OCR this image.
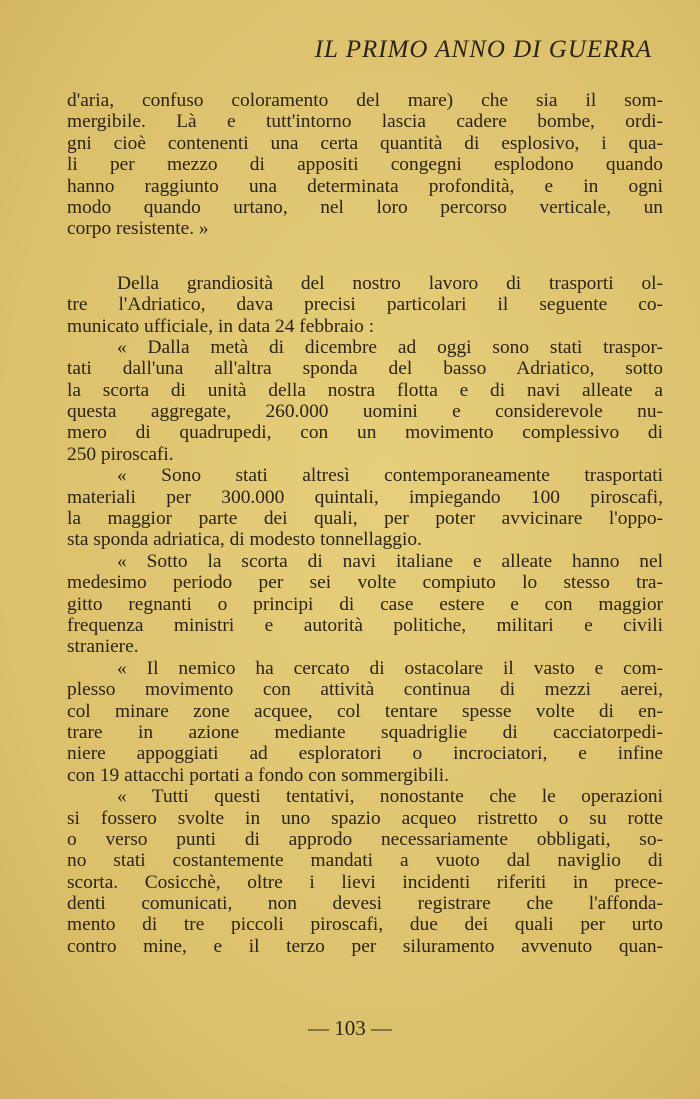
IL PRIMO ANNO DI GUERRA
d'aria, confuso coloramento del mare) che sia il som-
mergibile. Là e tutt'intorno lascia cadere bombe, ordi-
gni cioè contenenti una certa quantità di esplosivo, i qua-
li per mezzo di appositi congegni esplodono quando
hanno raggiunto una determinata profondità, e in ogni
modo quando urtano, nel loro percorso verticale, un
corpo resistente. »
Della grandiosità del nostro lavoro di trasporti ol-
tre l'Adriatico, dava precisi particolari il seguente co-
municato ufficiale, in data 24 febbraio :
« Dalla metà di dicembre ad oggi sono stati traspor-
tati dall'una all'altra sponda del basso Adriatico, sotto
la scorta di unità della nostra flotta e di navi alleate a
questa aggregate, 260.000 uomini e considerevole nu-
mero di quadrupedi, con un movimento complessivo di
250 piroscafi.
« Sono stati altresì contemporaneamente trasportati
materiali per 300.000 quintali, impiegando 100 piroscafi,
la maggior parte dei quali, per poter avvicinare l'oppo-
sta sponda adriatica, di modesto tonnellaggio.
« Sotto la scorta di navi italiane e alleate hanno nel
medesimo periodo per sei volte compiuto lo stesso tra-
gitto regnanti o principi di case estere e con maggior
frequenza ministri e autorità politiche, militari e civili
straniere.
« Il nemico ha cercato di ostacolare il vasto e com-
plesso movimento con attività continua di mezzi aerei,
col minare zone acquee, col tentare spesse volte di en-
trare in azione mediante squadriglie di cacciatorpedi-
niere appoggiati ad esploratori o incrociatori, e infine
con 19 attacchi portati a fondo con sommergibili.
« Tutti questi tentativi, nonostante che le operazioni
si fossero svolte in uno spazio acqueo ristretto o su rotte
o verso punti di approdo necessariamente obbligati, so-
no stati costantemente mandati a vuoto dal naviglio di
scorta. Cosicchè, oltre i lievi incidenti riferiti in prece-
denti comunicati, non devesi registrare che l'affonda-
mento di tre piccoli piroscafi, due dei quali per urto
contro mine, e il terzo per siluramento avvenuto quan-
— 103 —
